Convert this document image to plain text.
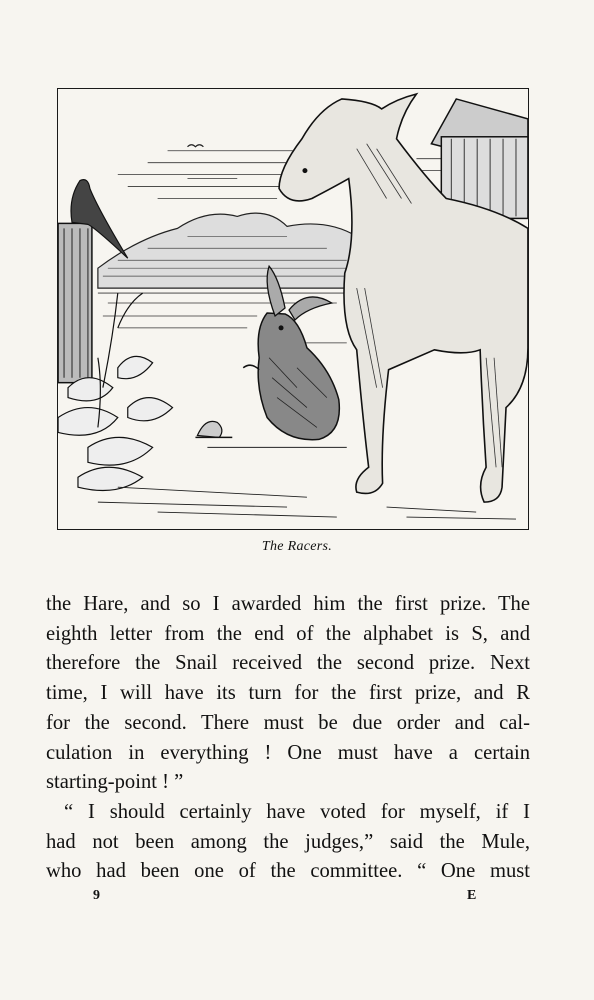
The Racers.
the Hare, and so I awarded him the first prize. The
eighth letter from the end of the alphabet is S, and
therefore the Snail received the second prize. Next
time, I will have its turn for the first prize, and R
for the second. There must be due order and cal-
culation in everything ! One must have a certain
starting-point ! ”
“ I should certainly have voted for myself, if I
had not been among the judges,” said the Mule,
who had been one of the committee. “ One must
9	E
